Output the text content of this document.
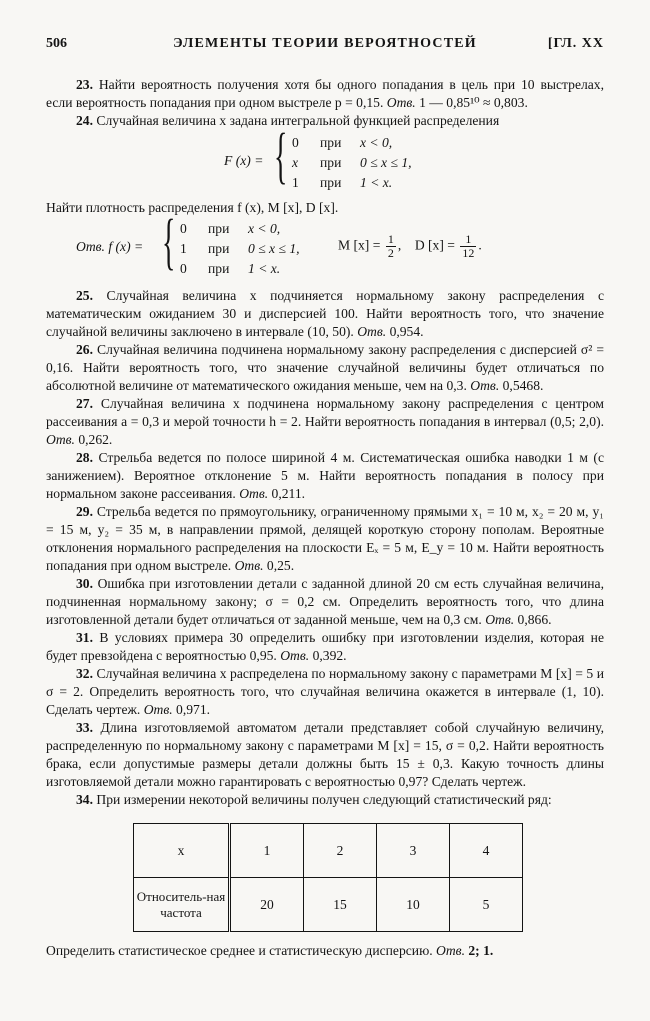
506	ЭЛЕМЕНТЫ ТЕОРИИ ВЕРОЯТНОСТЕЙ	[ГЛ. XX

23. Найти вероятность получения хотя бы одного попадания в цель при 10 выстрелах, если вероятность попадания при одном выстреле p = 0,15. Отв. 1 — 0,85¹⁰ ≈ 0,803.

24. Случайная величина x задана интегральной функцией распределения

F (x) = { 0 при x < 0,
x при 0 ≤ x ≤ 1,
1 при 1 < x.

Найти плотность распределения f (x), M [x], D [x].

Отв. f (x) = { 0 при x < 0,
1 при 0 ≤ x ≤ 1,
0 при 1 < x.
M $[x] = \frac{1}{2}$ ,    D $[x] = \frac{1}{12}$ .

25. Случайная величина x подчиняется нормальному закону распределения с математическим ожиданием 30 и дисперсией 100. Найти вероятность того, что значение случайной величины заключено в интервале (10, 50). Отв. 0,954.

26. Случайная величина подчинена нормальному закону распределения с дисперсией σ² = 0,16. Найти вероятность того, что значение случайной величины будет отличаться по абсолютной величине от математического ожидания меньше, чем на 0,3. Отв. 0,5468.

27. Случайная величина x подчинена нормальному закону распределения с центром рассеивания a = 0,3 и мерой точности h = 2. Найти вероятность попадания в интервал (0,5; 2,0). Отв. 0,262.

28. Стрельба ведется по полосе шириной 4 м. Систематическая ошибка наводки 1 м (с занижением). Вероятное отклонение 5 м. Найти вероятность попадания в полосу при нормальном законе рассеивания. Отв. 0,211.

29. Стрельба ведется по прямоугольнику, ограниченному прямыми x₁ = 10 м, x₂ = 20 м, y₁ = 15 м, y₂ = 35 м, в направлении прямой, делящей короткую сторону пополам. Вероятные отклонения нормального распределения на плоскости Eₓ = 5 м, E_y = 10 м. Найти вероятность попадания при одном выстреле. Отв. 0,25.

30. Ошибка при изготовлении детали с заданной длиной 20 см есть случайная величина, подчиненная нормальному закону; σ = 0,2 см. Определить вероятность того, что длина изготовленной детали будет отличаться от заданной меньше, чем на 0,3 см. Отв. 0,866.

31. В условиях примера 30 определить ошибку при изготовлении изделия, которая не будет превзойдена с вероятностью 0,95. Отв. 0,392.

32. Случайная величина x распределена по нормальному закону с параметрами M [x] = 5 и σ = 2. Определить вероятность того, что случайная величина окажется в интервале (1, 10). Сделать чертеж. Отв. 0,971.

33. Длина изготовляемой автоматом детали представляет собой случайную величину, распределенную по нормальному закону с параметрами M [x] = 15, σ = 0,2. Найти вероятность брака, если допустимые размеры детали должны быть 15 ± 0,3. Какую точность длины изготовляемой детали можно гарантировать с вероятностью 0,97? Сделать чертеж.

34. При измерении некоторой величины получен следующий статистический ряд:

x	1	2	3	4
Относитель-ная частота	20	15	10	5

Определить статистическое среднее и статистическую дисперсию. Отв. 2; 1.
